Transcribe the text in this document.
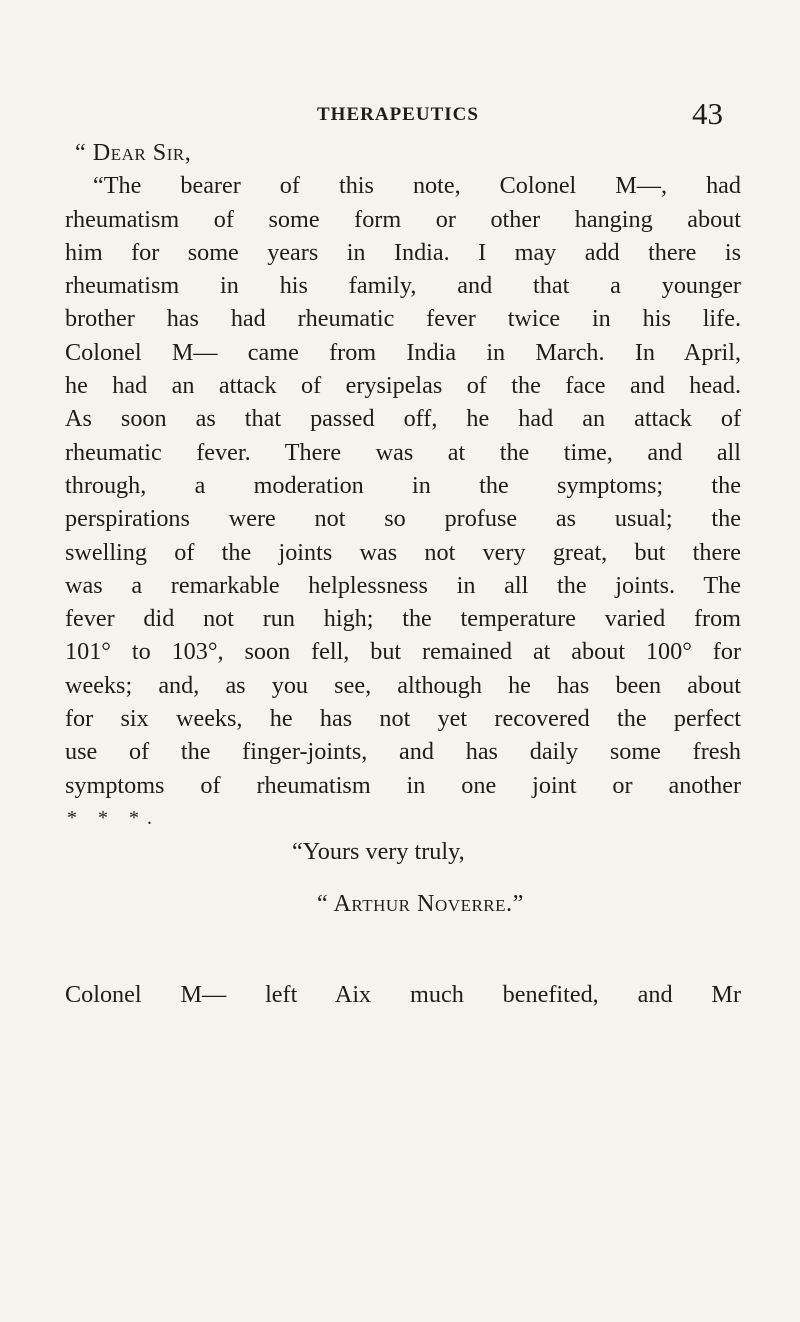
THERAPEUTICS	43
“ Dear Sir,
“The bearer of this note, Colonel M—, had
rheumatism of some form or other hanging about
him for some years in India. I may add there is
rheumatism in his family, and that a younger
brother has had rheumatic fever twice in his life.
Colonel M— came from India in March. In April,
he had an attack of erysipelas of the face and head.
As soon as that passed off, he had an attack of
rheumatic fever. There was at the time, and all
through, a moderation in the symptoms; the
perspirations were not so profuse as usual; the
swelling of the joints was not very great, but there
was a remarkable helplessness in all the joints. The
fever did not run high; the temperature varied from
101° to 103°, soon fell, but remained at about 100° for
weeks; and, as you see, although he has been about
for six weeks, he has not yet recovered the perfect
use of the finger-joints, and has daily some fresh
symptoms of rheumatism in one joint or another
* * *.
“Yours very truly,
“ Arthur Noverre.”
Colonel M— left Aix much benefited, and Mr
